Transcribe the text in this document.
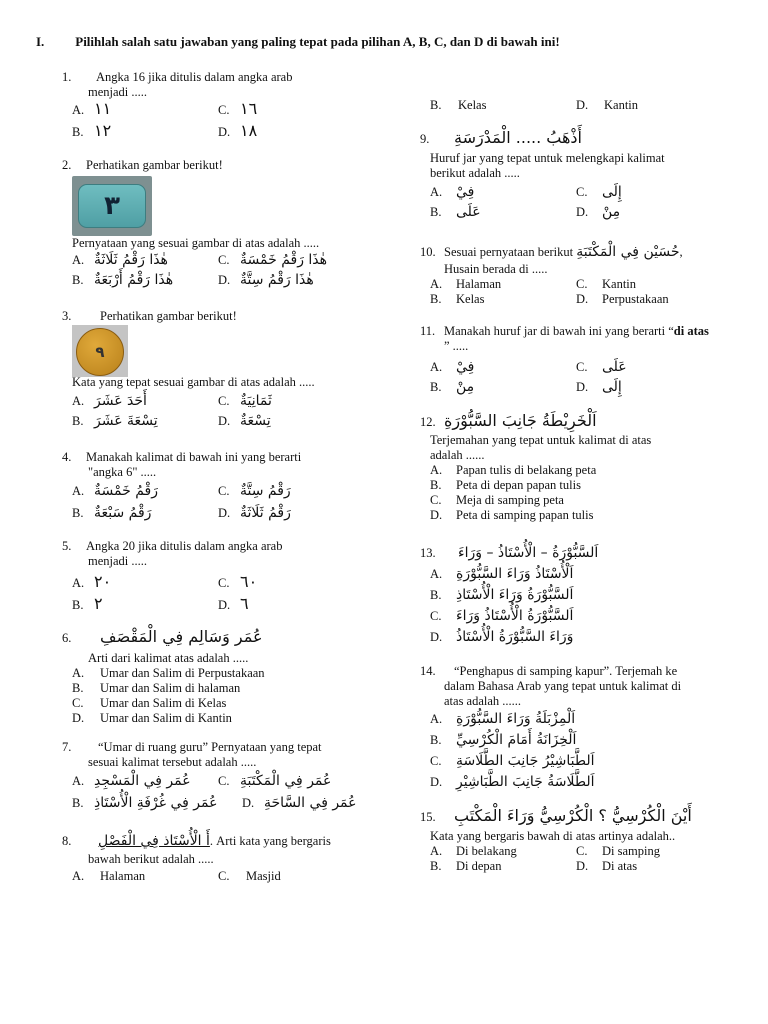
I. Pilihlah salah satu jawaban yang paling tepat pada pilihan A, B, C, dan D di bawah ini!
1. Angka 16 jika ditulis dalam angka arab
menjadi .....
A. ١١	C. ١٦
B. ١٢	D. ١٨
2. Perhatikan gambar berikut!
٣
Pernyataan yang sesuai gambar di atas adalah .....
A. هٰذَا رَقْمُ ثَلَاثَةٌ	C. هٰذَا رَقْمُ خَمْسَةٌ
B. هٰذَا رَقْمُ أَرْبَعَةٌ	D. هٰذَا رَقْمُ سِتَّةٌ
3. Perhatikan gambar berikut!
٩
Kata yang tepat sesuai gambar di atas adalah .....
A. أَحَدَ عَشَرَ	C. ثَمَانِيَةٌ
B. تِسْعَةَ عَشَرَ	D. تِسْعَةٌ
4. Manakah kalimat di bawah ini yang berarti
"angka 6" .....
A. رَقْمُ خَمْسَةٌ	C. رَقْمُ سِتَّةٌ
B. رَقْمُ سَبْعَةٌ	D. رَقْمُ ثَلَاثَةٌ
5. Angka 20 jika ditulis dalam angka arab
menjadi .....
A. ٢٠	C. ٦٠
B. ٢	D. ٦
6. عُمَر وَسَالِم فِي الْمَقْصَفِ
Arti dari kalimat atas adalah .....
A. Umar dan Salim di Perpustakaan
B. Umar dan Salim di halaman
C. Umar dan Salim di Kelas
D. Umar dan Salim di Kantin
7. “Umar di ruang guru” Pernyataan yang tepat
sesuai kalimat tersebut adalah .....
A. عُمَر فِي الْمَسْجِدِ C. عُمَر فِي الْمَكْتَبَةِ
B. عُمَر فِي غُرْفَةِ الْأُسْتَاذِ D. عُمَر فِي السَّاحَةِ
8. أَ الْأُسْتَاذ فِي الْفَصْلِ. Arti kata yang bergaris
bawah berikut adalah .....
A. Halaman	C. Masjid
B. Kelas	D. Kantin
9. أَذْهَبُ ..... الْمَدْرَسَةِ
Huruf jar yang tepat untuk melengkapi kalimat
berikut adalah .....
A. فِيْ	C. إِلَى
B. عَلَى	D. مِنْ
10. Sesuai pernyataan berikut حُسَيْن فِي الْمَكْتَبَةِ,
Husain berada di .....
A. Halaman	C. Kantin
B. Kelas	D. Perpustakaan
11. Manakah huruf jar di bawah ini yang berarti “di atas
” .....
A. فِيْ	C. عَلَى
B. مِنْ	D. إِلَى
12. اَلْخَرِيْطَةُ جَانِبَ السَّبُّوْرَةِ
Terjemahan yang tepat untuk kalimat di atas
adalah ......
A. Papan tulis di belakang peta
B. Peta di depan papan tulis
C. Meja di samping peta
D. Peta di samping papan tulis
13. اَلسَّبُّوْرَةُ – الْأُسْتَاذُ – وَرَاءَ
A. اَلْأُسْتَاذُ وَرَاءَ السَّبُّوْرَةِ
B. اَلسَّبُّوْرَةُ وَرَاءَ الْأُسْتَاذِ
C. اَلسَّبُّوْرَةُ الْأُسْتَاذُ وَرَاءَ
D. وَرَاءَ السَّبُّوْرَةُ الْأُسْتَاذُ
14. “Penghapus di samping kapur”. Terjemah ke
dalam Bahasa Arab yang tepat untuk kalimat di
atas adalah ......
A. اَلْمِزْبَلَةُ وَرَاءَ السَّبُّوْرَةِ
B. اَلْخِزَانَةُ أَمَامَ الْكُرْسِيِّ
C. اَلطَّبَاشِيْرُ جَانِبَ الطَّلَاسَةِ
D. اَلطَّلَاسَةُ جَانِبَ الطَّبَاشِيْرِ
15. أَيْنَ الْكُرْسِيُّ ؟ الْكُرْسِيُّ وَرَاءَ الْمَكْتَبِ
Kata yang bergaris bawah di atas artinya adalah..
A. Di belakang	C. Di samping
B. Di depan	D. Di atas
